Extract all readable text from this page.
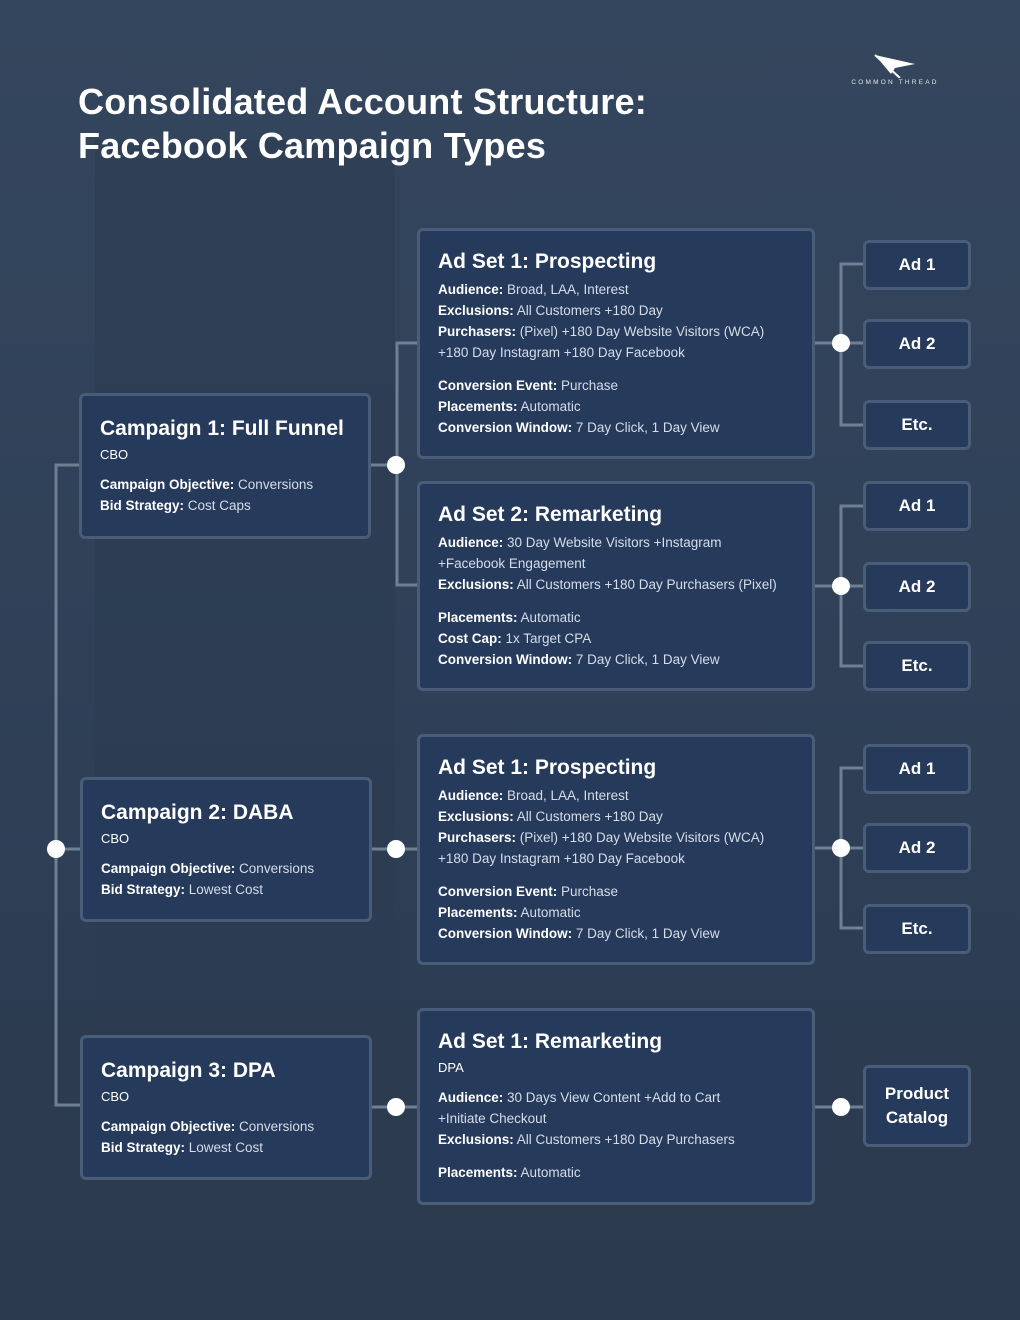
Consolidated Account Structure:
Facebook Campaign Types
COMMON THREAD
Campaign 1: Full Funnel
CBO
Campaign Objective: Conversions
Bid Strategy: Cost Caps
Campaign 2: DABA
CBO
Campaign Objective: Conversions
Bid Strategy: Lowest Cost
Campaign 3: DPA
CBO
Campaign Objective: Conversions
Bid Strategy: Lowest Cost
Ad Set 1: Prospecting
Audience: Broad, LAA, Interest
Exclusions: All Customers +180 Day
Purchasers: (Pixel) +180 Day Website Visitors (WCA)
+180 Day Instagram +180 Day Facebook
Conversion Event: Purchase
Placements: Automatic
Conversion Window: 7 Day Click, 1 Day View
Ad Set 2: Remarketing
Audience: 30 Day Website Visitors +Instagram
+Facebook Engagement
Exclusions: All Customers +180 Day Purchasers (Pixel)
Placements: Automatic
Cost Cap: 1x Target CPA
Conversion Window: 7 Day Click, 1 Day View
Ad Set 1: Prospecting
Audience: Broad, LAA, Interest
Exclusions: All Customers +180 Day
Purchasers: (Pixel) +180 Day Website Visitors (WCA)
+180 Day Instagram +180 Day Facebook
Conversion Event: Purchase
Placements: Automatic
Conversion Window: 7 Day Click, 1 Day View
Ad Set 1: Remarketing
DPA
Audience: 30 Days View Content +Add to Cart
+Initiate Checkout
Exclusions: All Customers +180 Day Purchasers
Placements: Automatic
Ad 1
Ad 2
Etc.
Ad 1
Ad 2
Etc.
Ad 1
Ad 2
Etc.
Product
Catalog
